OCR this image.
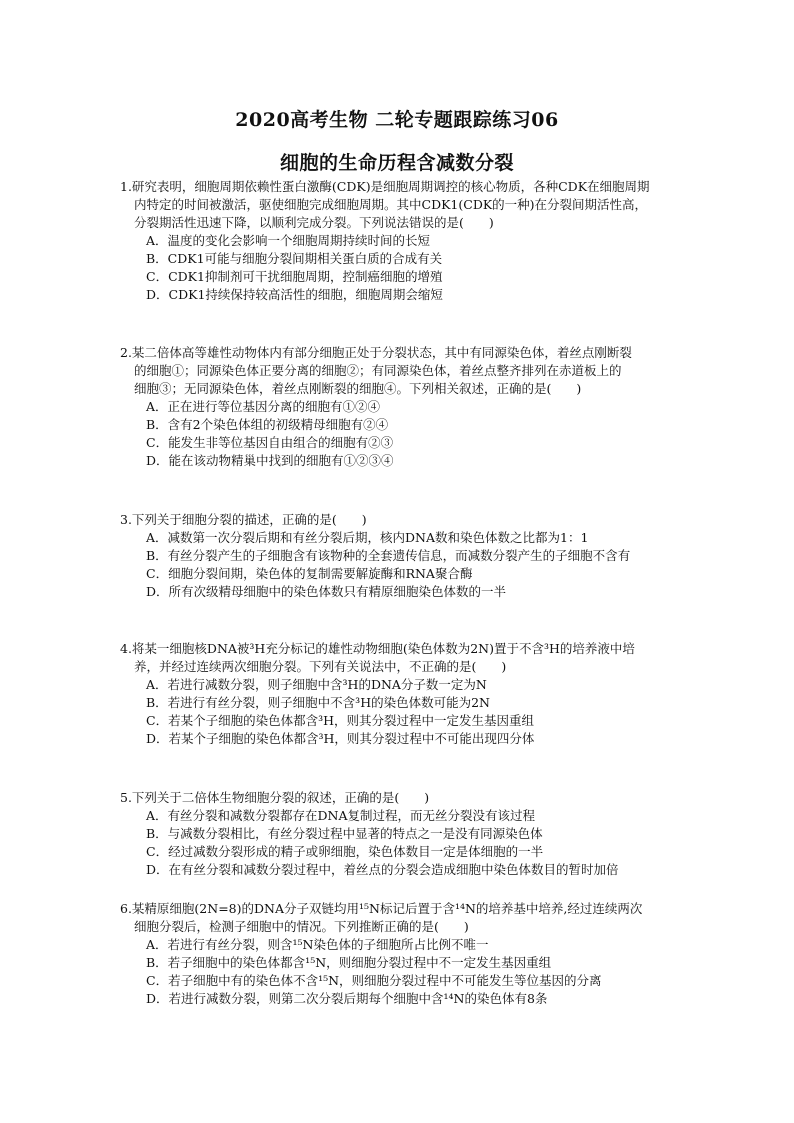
2020高考生物 二轮专题跟踪练习06
细胞的生命历程含减数分裂
1.研究表明，细胞周期依赖性蛋白激酶(CDK)是细胞周期调控的核心物质，各种CDK在细胞周期
内特定的时间被激活，驱使细胞完成细胞周期。其中CDK1(CDK的一种)在分裂间期活性高，
分裂期活性迅速下降，以顺利完成分裂。下列说法错误的是(　　)
A．温度的变化会影响一个细胞周期持续时间的长短
B．CDK1可能与细胞分裂间期相关蛋白质的合成有关
C．CDK1抑制剂可干扰细胞周期，控制癌细胞的增殖
D．CDK1持续保持较高活性的细胞，细胞周期会缩短
2.某二倍体高等雄性动物体内有部分细胞正处于分裂状态，其中有同源染色体，着丝点刚断裂
的细胞①；同源染色体正要分离的细胞②；有同源染色体，着丝点整齐排列在赤道板上的
细胞③；无同源染色体，着丝点刚断裂的细胞④。下列相关叙述，正确的是(　　)
A．正在进行等位基因分离的细胞有①②④
B．含有2个染色体组的初级精母细胞有②④
C．能发生非等位基因自由组合的细胞有②③
D．能在该动物精巢中找到的细胞有①②③④
3.下列关于细胞分裂的描述，正确的是(　　)
A．减数第一次分裂后期和有丝分裂后期，核内DNA数和染色体数之比都为1：1
B．有丝分裂产生的子细胞含有该物种的全套遗传信息，而减数分裂产生的子细胞不含有
C．细胞分裂间期，染色体的复制需要解旋酶和RNA聚合酶
D．所有次级精母细胞中的染色体数只有精原细胞染色体数的一半
4.将某一细胞核DNA被³H充分标记的雄性动物细胞(染色体数为2N)置于不含³H的培养液中培
养，并经过连续两次细胞分裂。下列有关说法中，不正确的是(　　)
A．若进行减数分裂，则子细胞中含³H的DNA分子数一定为N
B．若进行有丝分裂，则子细胞中不含³H的染色体数可能为2N
C．若某个子细胞的染色体都含³H，则其分裂过程中一定发生基因重组
D．若某个子细胞的染色体都含³H，则其分裂过程中不可能出现四分体
5.下列关于二倍体生物细胞分裂的叙述，正确的是(　　)
A．有丝分裂和减数分裂都存在DNA复制过程，而无丝分裂没有该过程
B．与减数分裂相比，有丝分裂过程中显著的特点之一是没有同源染色体
C．经过减数分裂形成的精子或卵细胞，染色体数目一定是体细胞的一半
D．在有丝分裂和减数分裂过程中，着丝点的分裂会造成细胞中染色体数目的暂时加倍
6.某精原细胞(2N=8)的DNA分子双链均用¹⁵N标记后置于含¹⁴N的培养基中培养,经过连续两次
细胞分裂后，检测子细胞中的情况。下列推断正确的是(　　)
A．若进行有丝分裂，则含¹⁵N染色体的子细胞所占比例不唯一
B．若子细胞中的染色体都含¹⁵N，则细胞分裂过程中不一定发生基因重组
C．若子细胞中有的染色体不含¹⁵N，则细胞分裂过程中不可能发生等位基因的分离
D．若进行减数分裂，则第二次分裂后期每个细胞中含¹⁴N的染色体有8条
